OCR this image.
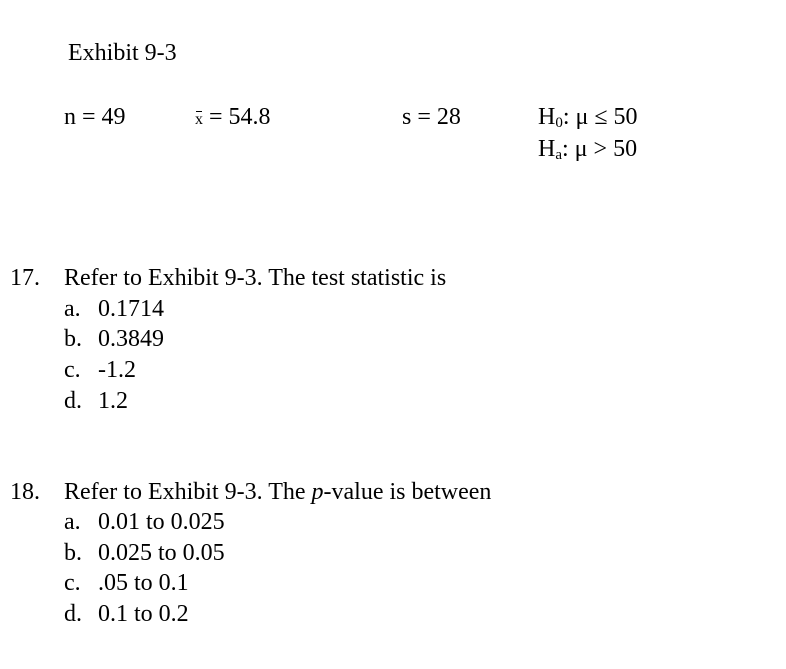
Exhibit 9-3
n = 49	x = 54.8	s = 28	$H_0$: μ ≤ 50
$H_a$: μ > 50
17. Refer to Exhibit 9-3. The test statistic is
a. 0.1714
b. 0.3849
c. -1.2
d. 1.2
18. Refer to Exhibit 9-3. The p-value is between
a. 0.01 to 0.025
b. 0.025 to 0.05
c. .05 to 0.1
d. 0.1 to 0.2
